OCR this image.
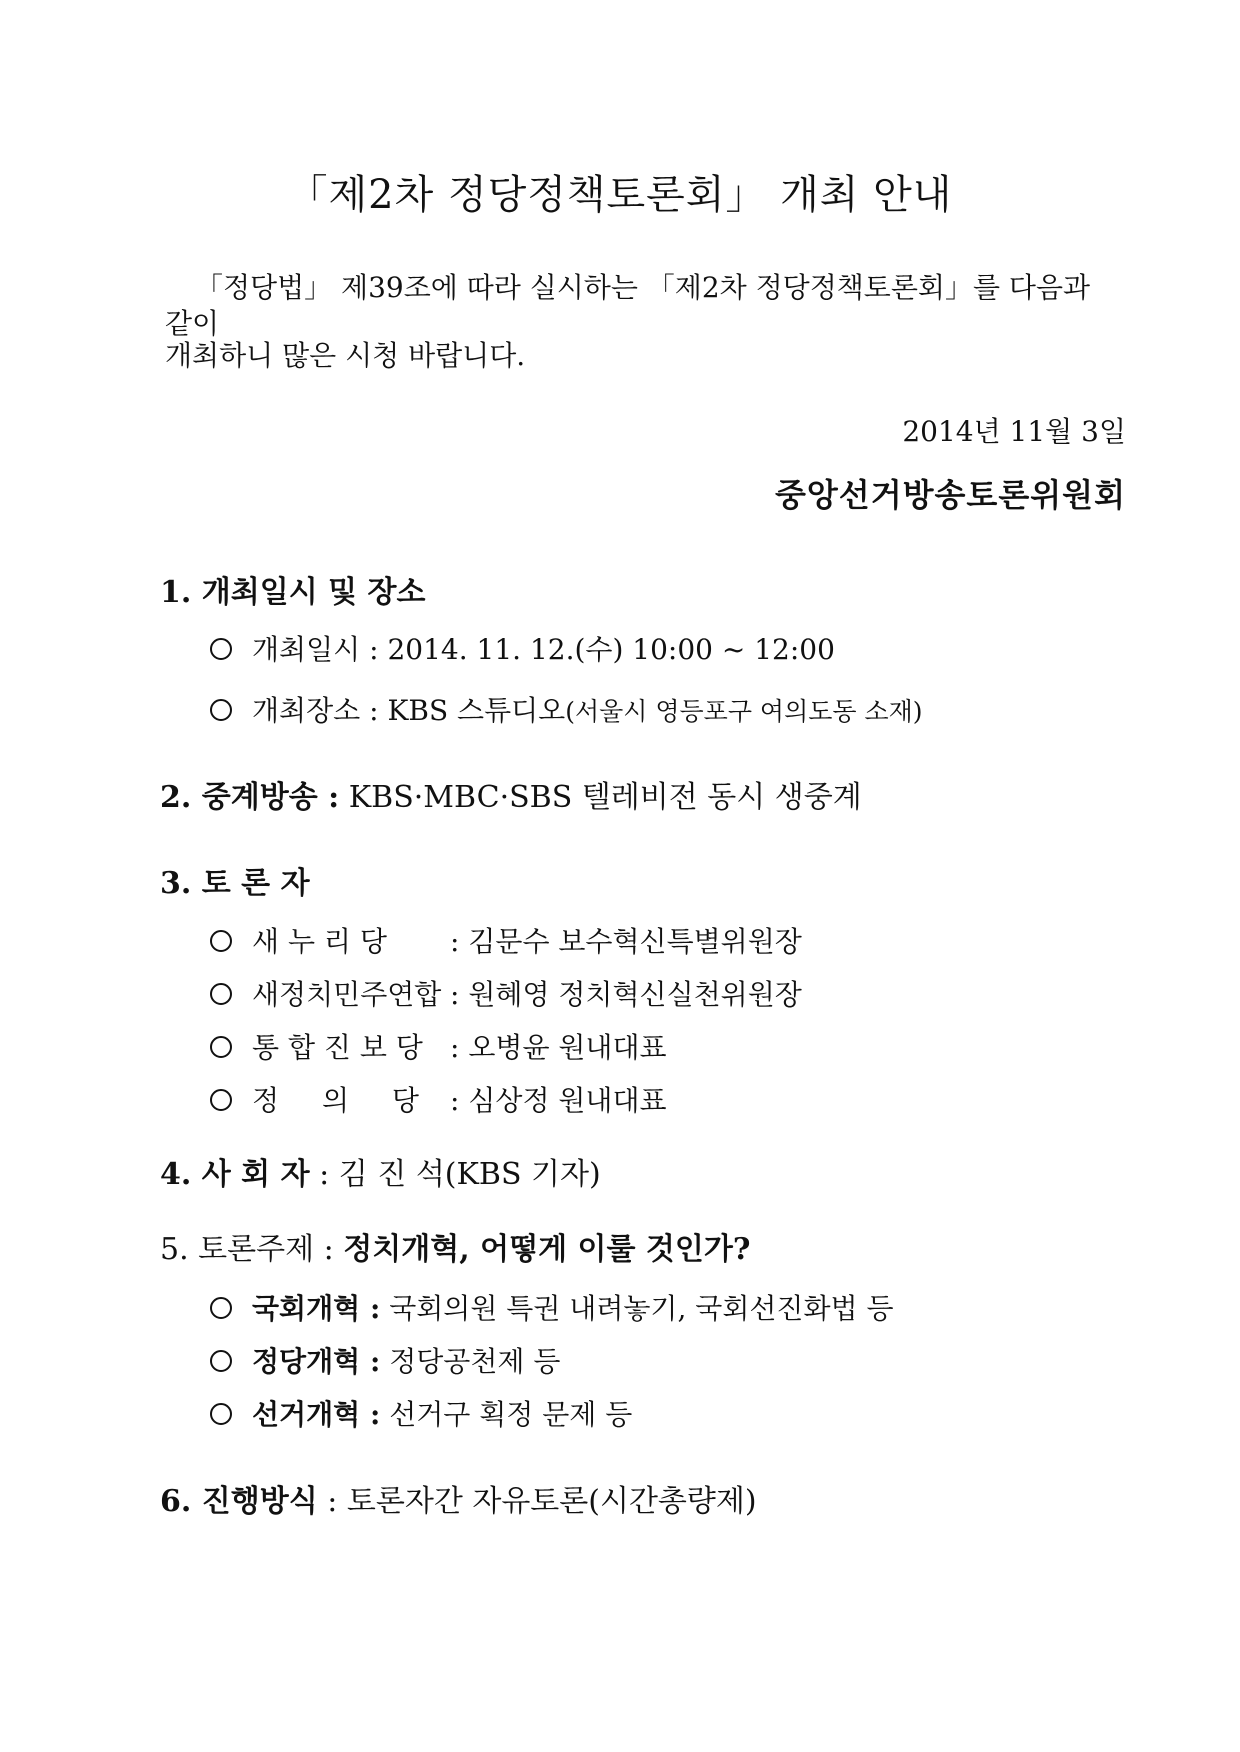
「제2차 정당정책토론회」 개최 안내
「정당법」 제39조에 따라 실시하는 「제2차 정당정책토론회」를 다음과 같이
개최하니 많은 시청 바랍니다.
2014년 11월 3일
중앙선거방송토론위원회
1. 개최일시 및 장소
개최일시 : 2014. 11. 12.(수) 10:00 ~ 12:00
개최장소 : KBS 스튜디오(서울시 영등포구 여의도동 소재)
2. 중계방송 : KBS·MBC·SBS 텔레비전 동시 생중계
3. 토 론 자
새 누 리 당 : 김문수 보수혁신특별위원장
새정치민주연합 : 원혜영 정치혁신실천위원장
통 합 진 보 당 : 오병윤 원내대표
정 의 당 : 심상정 원내대표
4. 사 회 자 : 김 진 석(KBS 기자)
5. 토론주제 : 정치개혁, 어떻게 이룰 것인가?
국회개혁 : 국회의원 특권 내려놓기, 국회선진화법 등
정당개혁 : 정당공천제 등
선거개혁 : 선거구 획정 문제 등
6. 진행방식 : 토론자간 자유토론(시간총량제)
